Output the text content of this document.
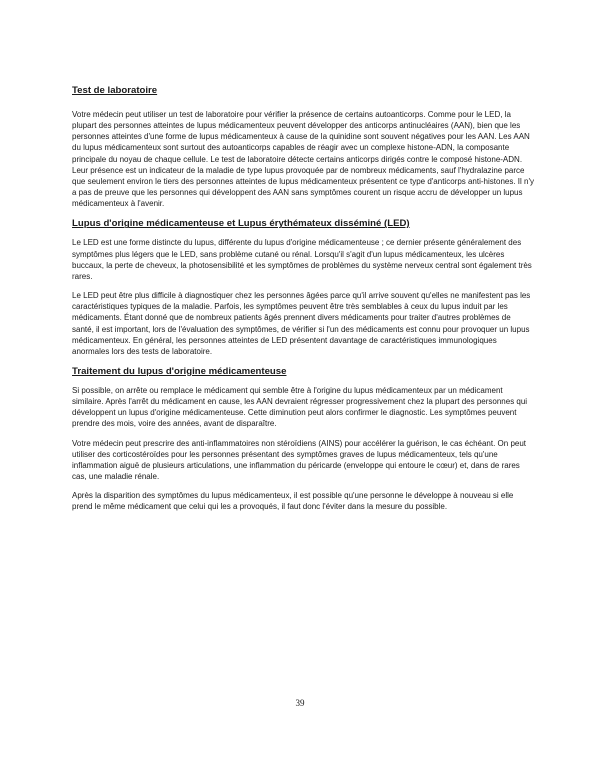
Test de laboratoire

Votre médecin peut utiliser un test de laboratoire pour vérifier la présence de certains autoanticorps. Comme pour le LED, la plupart des personnes atteintes de lupus médicamenteux peuvent développer des anticorps antinucléaires (AAN), bien que les personnes atteintes d'une forme de lupus médicamenteux à cause de la quinidine sont souvent négatives pour les AAN. Les AAN du lupus médicamenteux sont surtout des autoanticorps capables de réagir avec un complexe histone-ADN, la composante principale du noyau de chaque cellule. Le test de laboratoire détecte certains anticorps dirigés contre le composé histone-ADN. Leur présence est un indicateur de la maladie de type lupus provoquée par de nombreux médicaments, sauf l'hydralazine parce que seulement environ le tiers des personnes atteintes de lupus médicamenteux présentent ce type d'anticorps anti-histones. Il n'y a pas de preuve que les personnes qui développent des AAN sans symptômes courent un risque accru de développer un lupus médicamenteux à l'avenir.

Lupus d'origine médicamenteuse et Lupus érythémateux disséminé (LED)

Le LED est une forme distincte du lupus, différente du lupus d'origine médicamenteuse ; ce dernier présente généralement des symptômes plus légers que le LED, sans problème cutané ou rénal. Lorsqu'il s'agit d'un lupus médicamenteux, les ulcères buccaux, la perte de cheveux, la photosensibilité et les symptômes de problèmes du système nerveux central sont également très rares.

Le LED peut être plus difficile à diagnostiquer chez les personnes âgées parce qu'il arrive souvent qu'elles ne manifestent pas les caractéristiques typiques de la maladie. Parfois, les symptômes peuvent être très semblables à ceux du lupus induit par les médicaments. Étant donné que de nombreux patients âgés prennent divers médicaments pour traiter d'autres problèmes de santé, il est important, lors de l'évaluation des symptômes, de vérifier si l'un des médicaments est connu pour provoquer un lupus médicamenteux. En général, les personnes atteintes de LED présentent davantage de caractéristiques immunologiques anormales lors des tests de laboratoire.

Traitement du lupus d'origine médicamenteuse

Si possible, on arrête ou remplace le médicament qui semble être à l'origine du lupus médicamenteux par un médicament similaire. Après l'arrêt du médicament en cause, les AAN devraient régresser progressivement chez la plupart des personnes qui développent un lupus d'origine médicamenteuse. Cette diminution peut alors confirmer le diagnostic. Les symptômes peuvent prendre des mois, voire des années, avant de disparaître.

Votre médecin peut prescrire des anti-inflammatoires non stéroïdiens (AINS) pour accélérer la guérison, le cas échéant. On peut utiliser des corticostéroïdes pour les personnes présentant des symptômes graves de lupus médicamenteux, tels qu'une inflammation aiguë de plusieurs articulations, une inflammation du péricarde (enveloppe qui entoure le cœur) et, dans de rares cas, une maladie rénale.

Après la disparition des symptômes du lupus médicamenteux, il est possible qu'une personne le développe à nouveau si elle prend le même médicament que celui qui les a provoqués, il faut donc l'éviter dans la mesure du possible.

39
